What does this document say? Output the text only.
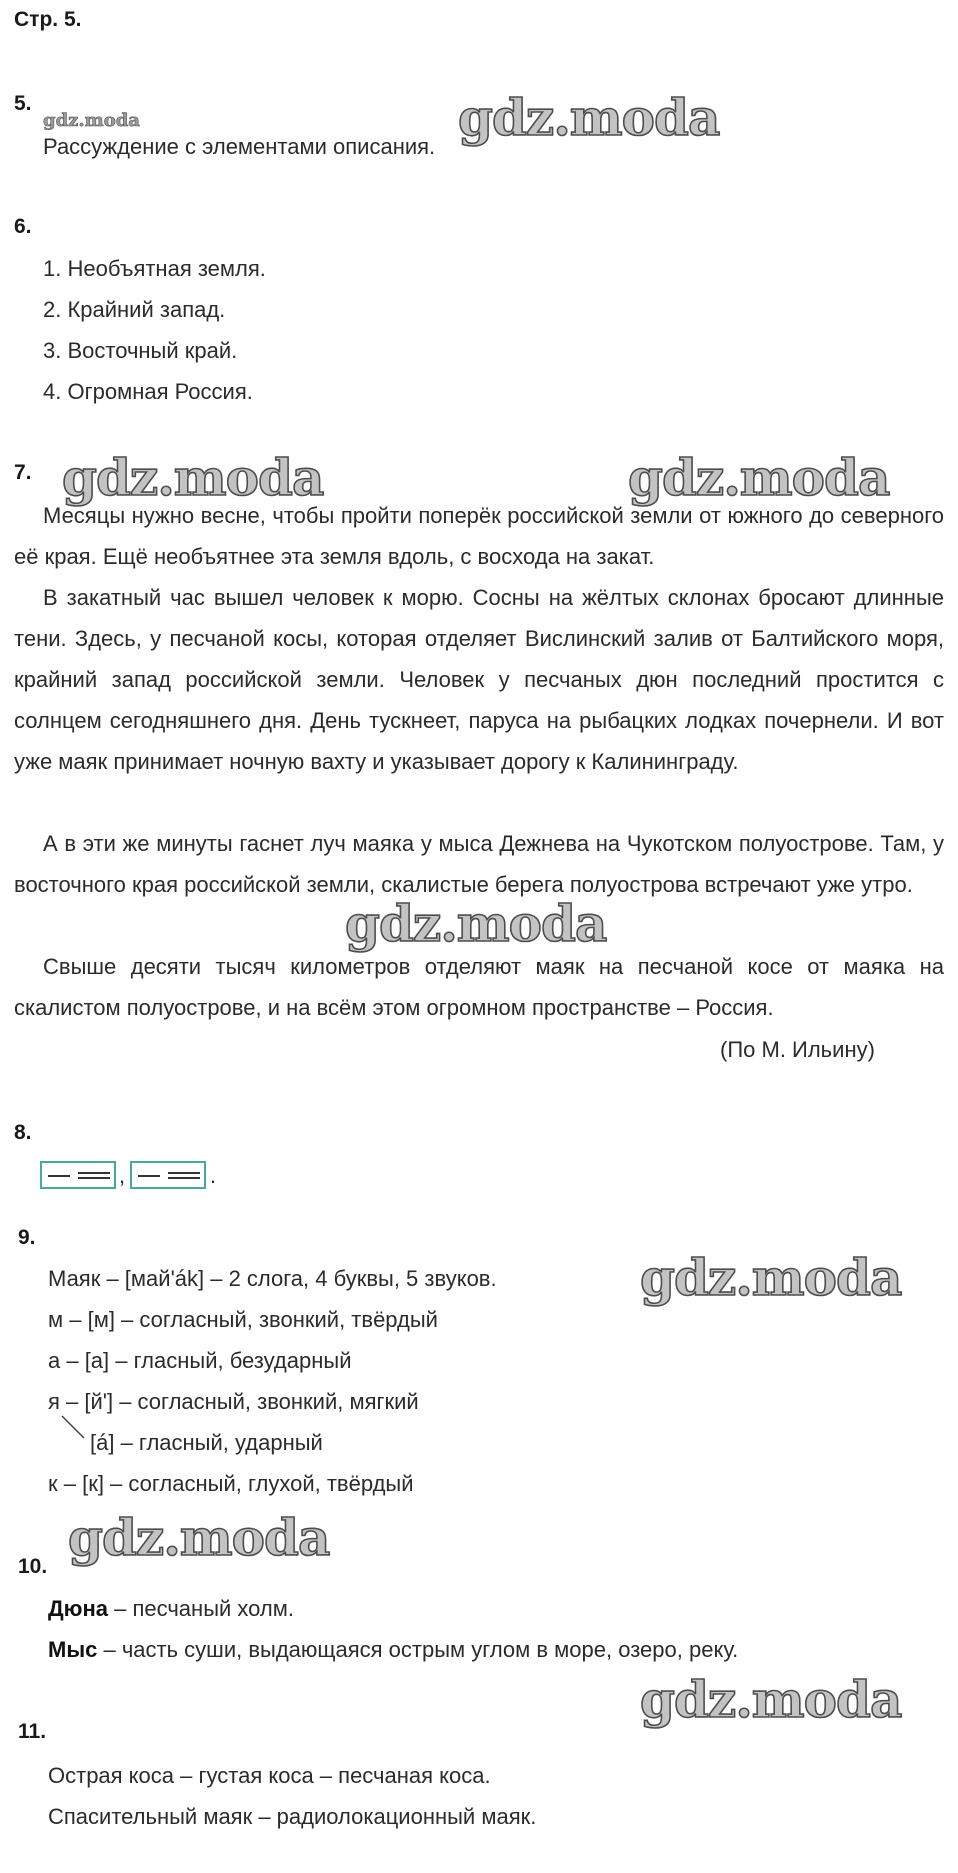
Стр. 5.
5.
gdz.moda	gdz.moda
Рассуждение с элементами описания.
6.
1. Необъятная земля.
2. Крайний запад.
3. Восточный край.
4. Огромная Россия.
7. gdz.moda	gdz.moda
Месяцы нужно весне, чтобы пройти поперёк российской земли от южного до северного её края. Ещё необъятнее эта земля вдоль, с восхода на закат.
В закатный час вышел человек к морю. Сосны на жёлтых склонах бросают длинные тени. Здесь, у песчаной косы, которая отделяет Вислинский залив от Балтийского моря, крайний запад российской земли. Человек у песчаных дюн последний простится с солнцем сегодняшнего дня. День тускнеет, паруса на рыбацких лодках почернели. И вот уже маяк принимает ночную вахту и указывает дорогу к Калининграду.
А в эти же минуты гаснет луч маяка у мыса Дежнева на Чукотском полуострове. Там, у восточного края российской земли, скалистые берега полуострова встречают уже утро.
gdz.moda
Свыше десяти тысяч километров отделяют маяк на песчаной косе от маяка на скалистом полуострове, и на всём этом огромном пространстве – Россия.
(По М. Ильину)
8.
,	.
9.
gdz.moda
Маяк – [май'ák] – 2 слога, 4 буквы, 5 звуков.
м – [м] – согласный, звонкий, твёрдый
а – [а] – гласный, безударный
я – [й'] – согласный, звонкий, мягкий
[á] – гласный, ударный
к – [к] – согласный, глухой, твёрдый
gdz.moda
10.
Дюна – песчаный холм.
Мыс – часть суши, выдающаяся острым углом в море, озеро, реку.
gdz.moda
11.
Острая коса – густая коса – песчаная коса.
Спасительный маяк – радиолокационный маяк.
